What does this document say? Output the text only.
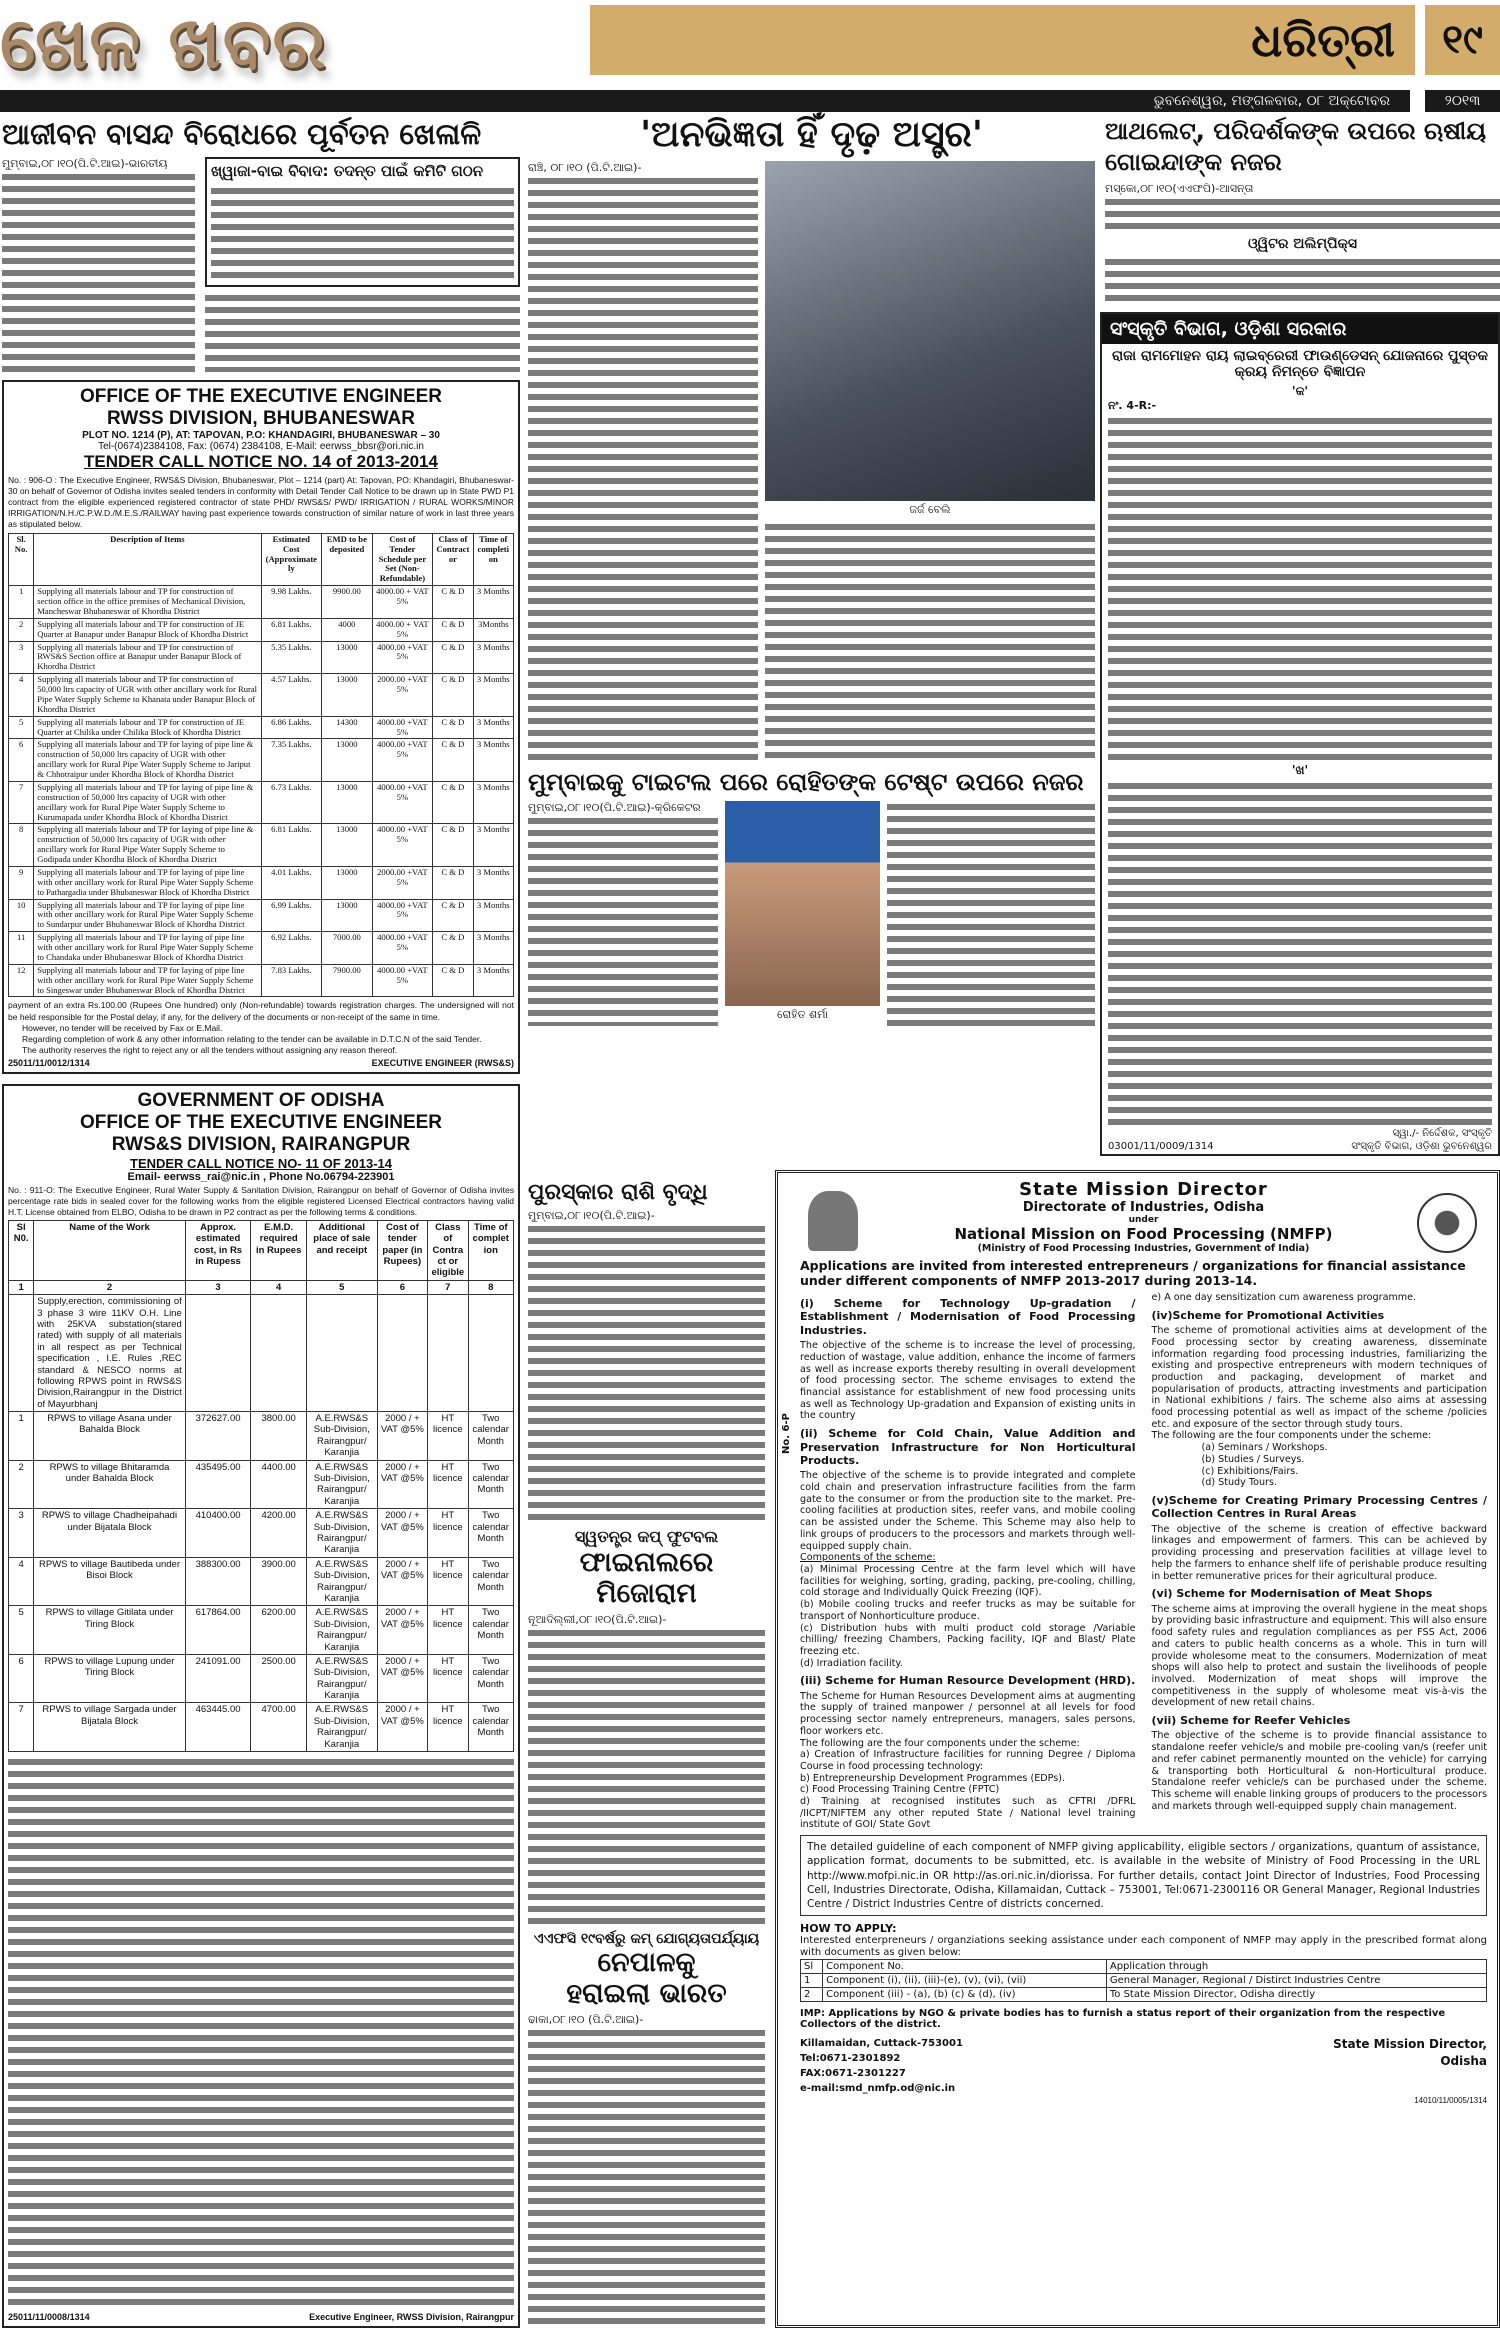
ଖେଳ ଖବର	ଧରିତ୍ରୀ	୧୯
ଭୁବନେଶ୍ୱର, ମଙ୍ଗଳବାର, ୦୮ ଅକ୍ଟୋବର	୨୦୧୩
ଆଜୀବନ ବାସନ୍ଦ ବିରୋଧରେ ପୂର୍ବତନ ଖେଳାଳି
ମୁମ୍ବାଇ,୦୮।୧୦(ପି.ଟି.ଆଇ)-ଭାରତୀୟ	ଖ୍ୱାଜା-ବାଇ ବିବାଦ: ତଦନ୍ତ ପାଇଁ କମିଟି ଗଠନ
OFFICE OF THE EXECUTIVE ENGINEER
RWSS DIVISION, BHUBANESWAR
PLOT NO. 1214 (P), AT: TAPOVAN, P.O: KHANDAGIRI, BHUBANESWAR – 30
Tel-(0674)2384108, Fax: (0674) 2384108, E-Mail: eerwss_bbsr@ori.nic.in
TENDER CALL NOTICE NO. 14 of 2013-2014
No. : 906-O : The Executive Engineer, RWS&S Division, Bhubaneswar, Plot – 1214 (part) At: Tapovan, PO: Khandagiri, Bhubaneswar-30 on behalf of Governor of Odisha invites sealed tenders in conformity with Detail Tender Call Notice to be drawn up in State PWD P1 contract from the eligible experienced registered contractor of state PHD/ RWS&S/ PWD/ IRRIGATION / RURAL WORKS/MINOR IRRIGATION/N.H./C.P.W.D./M.E.S./RAILWAY having past experience towards construction of similar nature of work in last three years as stipulated below.
Sl. No.	Description of Items	Estimated Cost (Approximately	EMD to be deposited	Cost of Tender Schedule per Set (Non-Refundable)	Class of Contractor	Time of completion
1	Supplying all materials labour and TP for construction of section office in the office premises of Mechanical Division, Mancheswar Bhubaneswar of Khordha District	9.98 Lakhs.	9900.00	4000.00 + VAT 5%	C & D	3 Months
2	Supplying all materials labour and TP for construction of JE Quarter at Banapur under Banapur Block of Khordha District	6.81 Lakhs.	4000	4000.00 + VAT 5%	C & D	3Months
3	Supplying all materials labour and TP for construction of RWS&S Section office at Banapur under Banapur Block of Khordha District	5.35 Lakhs.	13000	4000.00 +VAT 5%	C & D	3 Months
4	Supplying all materials labour and TP for construction of 50,000 ltrs capacity of UGR with other ancillary work for Rural Pipe Water Supply Scheme to Khanata under Banapur Block of Khordha District	4.57 Lakhs.	13000	2000.00 +VAT 5%	C & D	3 Months
5	Supplying all materials labour and TP for construction of JE Quarter at Chilika under Chilika Block of Khordha District	6.86 Lakhs.	14300	4000.00 +VAT 5%	C & D	3 Months
6	Supplying all materials labour and TP for laying of pipe line & construction of 50,000 ltrs capacity of UGR with other ancillary work for Rural Pipe Water Supply Scheme to Jariput & Chhotraipur under Khordha Block of Khordha District	7.35 Lakhs.	13000	4000.00 +VAT 5%	C & D	3 Months
7	Supplying all materials labour and TP for laying of pipe line & construction of 50,000 ltrs capacity of UGR with other ancillary work for Rural Pipe Water Supply Scheme to Kurumapada under Khordha Block of Khordha District	6.73 Lakhs.	13000	4000.00 +VAT 5%	C & D	3 Months
8	Supplying all materials labour and TP for laying of pipe line & construction of 50,000 ltrs capacity of UGR with other ancillary work for Rural Pipe Water Supply Scheme to Godipada under Khordha Block of Khordha District	6.81 Lakhs.	13000	4000.00 +VAT 5%	C & D	3 Months
9	Supplying all materials labour and TP for laying of pipe line with other ancillary work for Rural Pipe Water Supply Scheme to Pathargadia under Bhubaneswar Block of Khordha District	4.01 Lakhs.	13000	2000.00 +VAT 5%	C & D	3 Months
10	Supplying all materials labour and TP for laying of pipe line with other ancillary work for Rural Pipe Water Supply Scheme to Sundarpur under Bhubaneswar Block of Khordha District	6.99 Lakhs.	13000	4000.00 +VAT 5%	C & D	3 Months
11	Supplying all materials labour and TP for laying of pipe line with other ancillary work for Rural Pipe Water Supply Scheme to Chandaka under Bhubaneswar Block of Khordha District	6.92 Lakhs.	7000.00	4000.00 +VAT 5%	C & D	3 Months
12	Supplying all materials labour and TP for laying of pipe line with other ancillary work for Rural Pipe Water Supply Scheme to Singeswar under Bhubaneswar Block of Khordha District	7.83 Lakhs.	7900.00	4000.00 +VAT 5%	C & D	3 Months
payment of an extra Rs.100.00 (Rupees One hundred) only (Non-refundable) towards registration charges. The undersigned will not be held responsible for the Postal delay, if any, for the delivery of the documents or non-receipt of the same in time.
However, no tender will be received by Fax or E.Mail.
Regarding completion of work & any other information relating to the tender can be available in D.T.C.N of the said Tender.
The authority reserves the right to reject any or all the tenders without assigning any reason thereof.
25011/11/0012/1314	EXECUTIVE ENGINEER (RWS&S)
GOVERNMENT OF ODISHA
OFFICE OF THE EXECUTIVE ENGINEER
RWS&S DIVISION, RAIRANGPUR
TENDER CALL NOTICE NO- 11 OF 2013-14
Email- eerwss_rai@nic.in , Phone No.06794-223901
No. : 911-O: The Executive Engineer, Rural Water Supply & Sanitation Division, Rairangpur on behalf of Governor of Odisha invites percentage rate bids in sealed cover for the following works from the eligible registered Licensed Electrical contractors having valid H.T. License obtained from ELBO, Odisha to be drawn in P2 contract as per the following terms & conditions.
Sl N0.	Name of the Work	Approx. estimated cost, in Rs in Rupess	E.M.D. required in Rupees	Additional place of sale and receipt	Cost of tender paper (in Rupees)	Class of Contract or eligible	Time of completion
1	2	3	4	5	6	7	8
	Supply,erection, commissioning of 3 phase 3 wire 11KV O.H. Line with 25KVA substation(stared rated) with supply of all materials in all respect as per Technical specification , I.E. Rules ,REC standard & NESCO norms at following RPWS point in RWS&S Division,Rairangpur in the District of Mayurbhanj						
1	RPWS to village Asana under Bahalda Block	372627.00	3800.00	A.E.RWS&S Sub-Division, Rairangpur/ Karanjia	2000 / + VAT @5%	HT licence	Two calendar Month
2	RPWS to village Bhitaramda under Bahalda Block	435495.00	4400.00	A.E.RWS&S Sub-Division, Rairangpur/ Karanjia	2000 / + VAT @5%	HT licence	Two calendar Month
3	RPWS to village Chadheipahadi under Bijatala Block	410400.00	4200.00	A.E.RWS&S Sub-Division, Rairangpur/ Karanjia	2000 / + VAT @5%	HT licence	Two calendar Month
4	RPWS to village Bautibeda under Bisoi Block	388300.00	3900.00	A.E.RWS&S Sub-Division, Rairangpur/ Karanjia	2000 / + VAT @5%	HT licence	Two calendar Month
5	RPWS to village Gitilata under Tiring Block	617864.00	6200.00	A.E.RWS&S Sub-Division, Rairangpur/ Karanjia	2000 / + VAT @5%	HT licence	Two calendar Month
6	RPWS to village Lupung under Tiring Block	241091.00	2500.00	A.E.RWS&S Sub-Division, Rairangpur/ Karanjia	2000 / + VAT @5%	HT licence	Two calendar Month
7	RPWS to village Sargada under Bijatala Block	463445.00	4700.00	A.E.RWS&S Sub-Division, Rairangpur/ Karanjia	2000 / + VAT @5%	HT licence	Two calendar Month
25011/11/0008/1314	Executive Engineer, RWSS Division, Rairangpur
'ଅନଭିଜ୍ଞତା ହିଁ ଦୃଢ଼ ଅସ୍ତ୍ର'
ରାଞ୍ଚି, ୦୮।୧୦ (ପି.ଟି.ଆଇ)-
ଜର୍ଜ ବେଲି
ମୁମ୍ବାଇକୁ ଟାଇଟଲ ପରେ ରୋହିତଙ୍କ ଟେଷ୍ଟ ଉପରେ ନଜର
ମୁମ୍ବାଇ,୦୮।୧୦(ପି.ଟି.ଆଇ)-କ୍ରିକେଟର
ରୋହିତ ଶର୍ମା
ପୁରସ୍କାର ରାଶି ବୃଦ୍ଧି
ମୁମ୍ବାଇ,୦୮।୧୦(ପି.ଟି.ଆଇ)-
ସ୍ୱତନ୍ତ୍ର କପ୍ ଫୁଟବଲ
ଫାଇନାଲରେ
ମିଜୋରାମ
ନୂଆଦିଲ୍ଲୀ,୦୮।୧୦(ପି.ଟି.ଆଇ)-
ଏଏଫସି ୧୯ବର୍ଷରୁ କମ୍ ଯୋଗ୍ୟତାପର୍ଯ୍ୟାୟ
ନେପାଳକୁ
ହରାଇଲା ଭାରତ
ଢାକା,୦୮।୧୦ (ପି.ଟି.ଆଇ)-
ଆଥଲେଟ୍, ପରିଦର୍ଶକଙ୍କ ଉପରେ ଋଷୀୟ ଗୋଇନ୍ଦାଙ୍କ ନଜର
ମସ୍କୋ,୦୮।୧୦(ଏଏଫପି)-ଆସନ୍ତା
ଓ୍ୱିଟର ଅଲିମ୍ପିକ୍ସ
ସଂସ୍କୃତି ବିଭାଗ, ଓଡ଼ିଶା ସରକାର
ରାଜା ରାମମୋହନ ରାୟ ଲାଇବ୍ରେରୀ ଫାଉଣ୍ଡେସନ୍ ଯୋଜନାରେ ପୁସ୍ତକ କ୍ରୟ ନିମନ୍ତେ ବିଜ୍ଞାପନ
'କ'
ନଂ. 4-R:-
'ଖ'
ସ୍ୱା./- ନିର୍ଦ୍ଦେଶକ, ସଂସ୍କୃତି
03001/11/0009/1314	ସଂସ୍କୃତି ବିଭାଗ, ଓଡ଼ିଶା ଭୁବନେଶ୍ୱର
No. 6-P
State Mission Director
Directorate of Industries, Odisha
under
National Mission on Food Processing (NMFP)
(Ministry of Food Processing Industries, Government of India)
Applications are invited from interested entrepreneurs / organizations for financial assistance under different components of NMFP 2013-2017 during 2013-14.
(i) Scheme for Technology Up-gradation / Establishment / Modernisation of Food Processing Industries.

The objective of the scheme is to increase the level of processing, reduction of wastage, value addition, enhance the income of farmers as well as increase exports thereby resulting in overall development of food processing sector. The scheme envisages to extend the financial assistance for establishment of new food processing units as well as Technology Up-gradation and Expansion of existing units in the country

(ii) Scheme for Cold Chain, Value Addition and Preservation Infrastructure for Non Horticultural Products.

The objective of the scheme is to provide integrated and complete cold chain and preservation infrastructure facilities from the farm gate to the consumer or from the production site to the market. Pre-cooling facilities at production sites, reefer vans, and mobile cooling can be assisted under the Scheme. This Scheme may also help to link groups of producers to the processors and markets through well-equipped supply chain.

Components of the scheme:

(a) Minimal Processing Centre at the farm level which will have facilities for weighing, sorting, grading, packing, pre-cooling, chilling, cold storage and Individually Quick Freezing (IQF).

(b) Mobile cooling trucks and reefer trucks as may be suitable for transport of Nonhorticulture produce.

(c) Distribution hubs with multi product cold storage /Variable chilling/ freezing Chambers, Packing facility, IQF and Blast/ Plate freezing etc.

(d) Irradiation facility.

(iii) Scheme for Human Resource Development (HRD).

The Scheme for Human Resources Development aims at augmenting the supply of trained manpower / personnel at all levels for food processing sector namely entrepreneurs, managers, sales persons, floor workers etc.

The following are the four components under the scheme:

a) Creation of Infrastructure facilities for running Degree / Diploma Course in food processing technology:

b) Entrepreneurship Development Programmes (EDPs).

c) Food Processing Training Centre (FPTC)

d) Training at recognised institutes such as CFTRI /DFRL /IICPT/NIFTEM any other reputed State / National level training institute of GOI/ State Govt

e) A one day sensitization cum awareness programme.

(iv)Scheme for Promotional Activities

The scheme of promotional activities aims at development of the Food processing sector by creating awareness, disseminate information regarding food processing industries, familiarizing the existing and prospective entrepreneurs with modern techniques of production and packaging, development of market and popularisation of products, attracting investments and participation in National exhibitions / fairs. The scheme also aims at assessing food processing potential as well as impact of the scheme /policies etc. and exposure of the sector through study tours.

The following are the four components under the scheme:

(a) Seminars / Workshops.

(b) Studies / Surveys.

(c) Exhibitions/Fairs.

(d) Study Tours.

(v)Scheme for Creating Primary Processing Centres / Collection Centres in Rural Areas

The objective of the scheme is creation of effective backward linkages and empowerment of farmers. This can be achieved by providing processing and preservation facilities at village level to help the farmers to enhance shelf life of perishable produce resulting in better remunerative prices for their agricultural produce.

(vi) Scheme for Modernisation of Meat Shops

The scheme aims at improving the overall hygiene in the meat shops by providing basic infrastructure and equipment. This will also ensure food safety rules and regulation compliances as per FSS Act, 2006 and caters to public health concerns as a whole. This in turn will provide wholesome meat to the consumers. Modernization of meat shops will also help to protect and sustain the livelihoods of people involved. Modernization of meat shops will improve the competitiveness in the supply of wholesome meat vis-à-vis the development of new retail chains.

(vii) Scheme for Reefer Vehicles

The objective of the scheme is to provide financial assistance to standalone reefer vehicle/s and mobile pre-cooling van/s (reefer unit and refer cabinet permanently mounted on the vehicle) for carrying & transporting both Horticultural & non-Horticultural produce. Standalone reefer vehicle/s can be purchased under the scheme. This scheme will enable linking groups of producers to the processors and markets through well-equipped supply chain management.

The detailed guideline of each component of NMFP giving applicability, eligible sectors / organizations, quantum of assistance, application format, documents to be submitted, etc. is available in the website of Ministry of Food Processing in the URL http://www.mofpi.nic.in OR http://as.ori.nic.in/diorissa. For further details, contact Joint Director of Industries, Food Processing Cell, Industries Directorate, Odisha, Killamaidan, Cuttack – 753001, Tel:0671-2300116 OR General Manager, Regional Industries Centre / District Industries Centre of districts concerned.
HOW TO APPLY:
Interested enterpreneurs / organziations seeking assistance under each component of NMFP may apply in the prescribed format along with documents as given below:
Sl	Component No.	Application through
1	Component (i), (ii), (iii)-(e), (v), (vi), (vii)	General Manager, Regional / Distirct Industries Centre
2	Component (iii) - (a), (b) (c) & (d), (iv)	To State Mission Director, Odisha directly
IMP: Applications by NGO & private bodies has to furnish a status report of their organization from the respective Collectors of the district.
Killamaidan, Cuttack-753001
Tel:0671-2301892
FAX:0671-2301227
e-mail:smd_nmfp.od@nic.in
State Mission Director,
Odisha
14010/11/0005/1314
